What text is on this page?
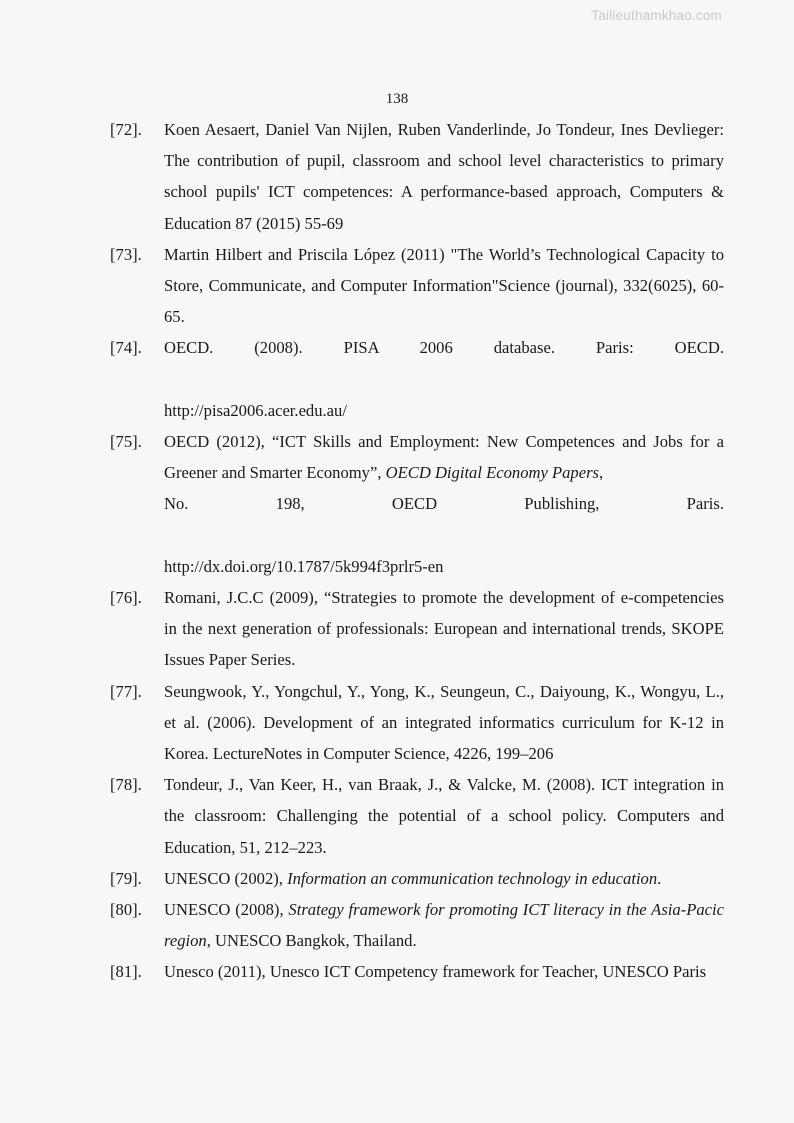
Tailieuthamkhao.com
138
[72].	Koen Aesaert, Daniel Van Nijlen, Ruben Vanderlinde, Jo Tondeur, Ines Devlieger: The contribution of pupil, classroom and school level characteristics to primary school pupils' ICT competences: A performance-based approach, Computers & Education 87 (2015) 55-69
[73].	Martin Hilbert and Priscila López (2011) "The World’s Technological Capacity to Store, Communicate, and Computer Information"Science (journal), 332(6025), 60-65.
[74].	OECD. (2008). PISA 2006 database. Paris: OECD.
http://pisa2006.acer.edu.au/
[75].	OECD (2012), “ICT Skills and Employment: New Competences and Jobs for a Greener and Smarter Economy”, OECD Digital Economy Papers,
No. 198, OECD Publishing, Paris.
http://dx.doi.org/10.1787/5k994f3prlr5-en
[76].	Romani, J.C.C (2009), “Strategies to promote the development of e-competencies in the next generation of professionals: European and international trends, SKOPE Issues Paper Series.
[77].	Seungwook, Y., Yongchul, Y., Yong, K., Seungeun, C., Daiyoung, K., Wongyu, L., et al. (2006). Development of an integrated informatics curriculum for K-12 in Korea. LectureNotes in Computer Science, 4226, 199–206
[78].	Tondeur, J., Van Keer, H., van Braak, J., & Valcke, M. (2008). ICT integration in the classroom: Challenging the potential of a school policy. Computers and Education, 51, 212–223.
[79].	UNESCO (2002), Information an communication technology in education.
[80].	UNESCO (2008), Strategy framework for promoting ICT literacy in the Asia-Pacic region, UNESCO Bangkok, Thailand.
[81].	Unesco (2011), Unesco ICT Competency framework for Teacher, UNESCO Paris
